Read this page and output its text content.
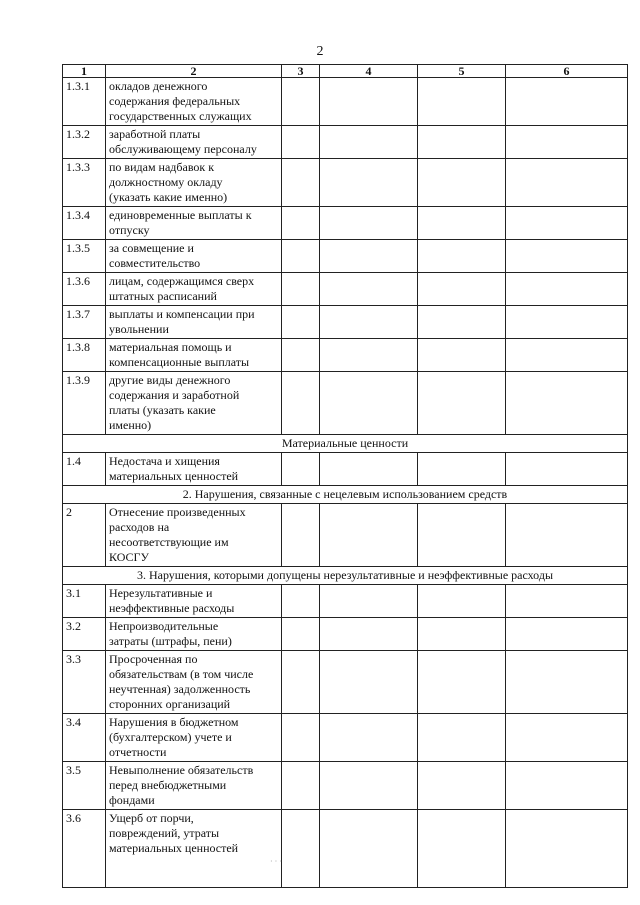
2
1	2	3	4	5	6
1.3.1	окладов денежного
содержания федеральных
государственных служащих				

1.3.2	заработной платы
обслуживающему персоналу				

1.3.3	по видам надбавок к
должностному окладу
(указать какие именно)				

1.3.4	единовременные выплаты к
отпуску				

1.3.5	за совмещение и
совместительство				

1.3.6	лицам, содержащимся сверх
штатных расписаний				

1.3.7	выплаты и компенсации при
увольнении				

1.3.8	материальная помощь и
компенсационные выплаты				

1.3.9	другие виды денежного
содержания и заработной
платы (указать какие
именно)				

Материальные ценности					
1.4	Недостача и хищения
материальных ценностей				

2. Нарушения, связанные с нецелевым использованием средств					
2	Отнесение произведенных
расходов на
несоответствующие им
КОСГУ				

3. Нарушения, которыми допущены нерезультативные и неэффективные расходы					
3.1	Нерезультативные и
неэффективные расходы				

3.2	Непроизводительные
затраты (штрафы, пени)				

3.3	Просроченная по
обязательствам (в том числе
неучтенная) задолженность
сторонних организаций				

3.4	Нарушения в бюджетном
(бухгалтерском) учете и
отчетности				

3.5	Невыполнение обязательств
перед внебюджетными
фондами				

3.6	Ущерб от порчи,
повреждений, утраты
материальных ценностей				

· · ·
